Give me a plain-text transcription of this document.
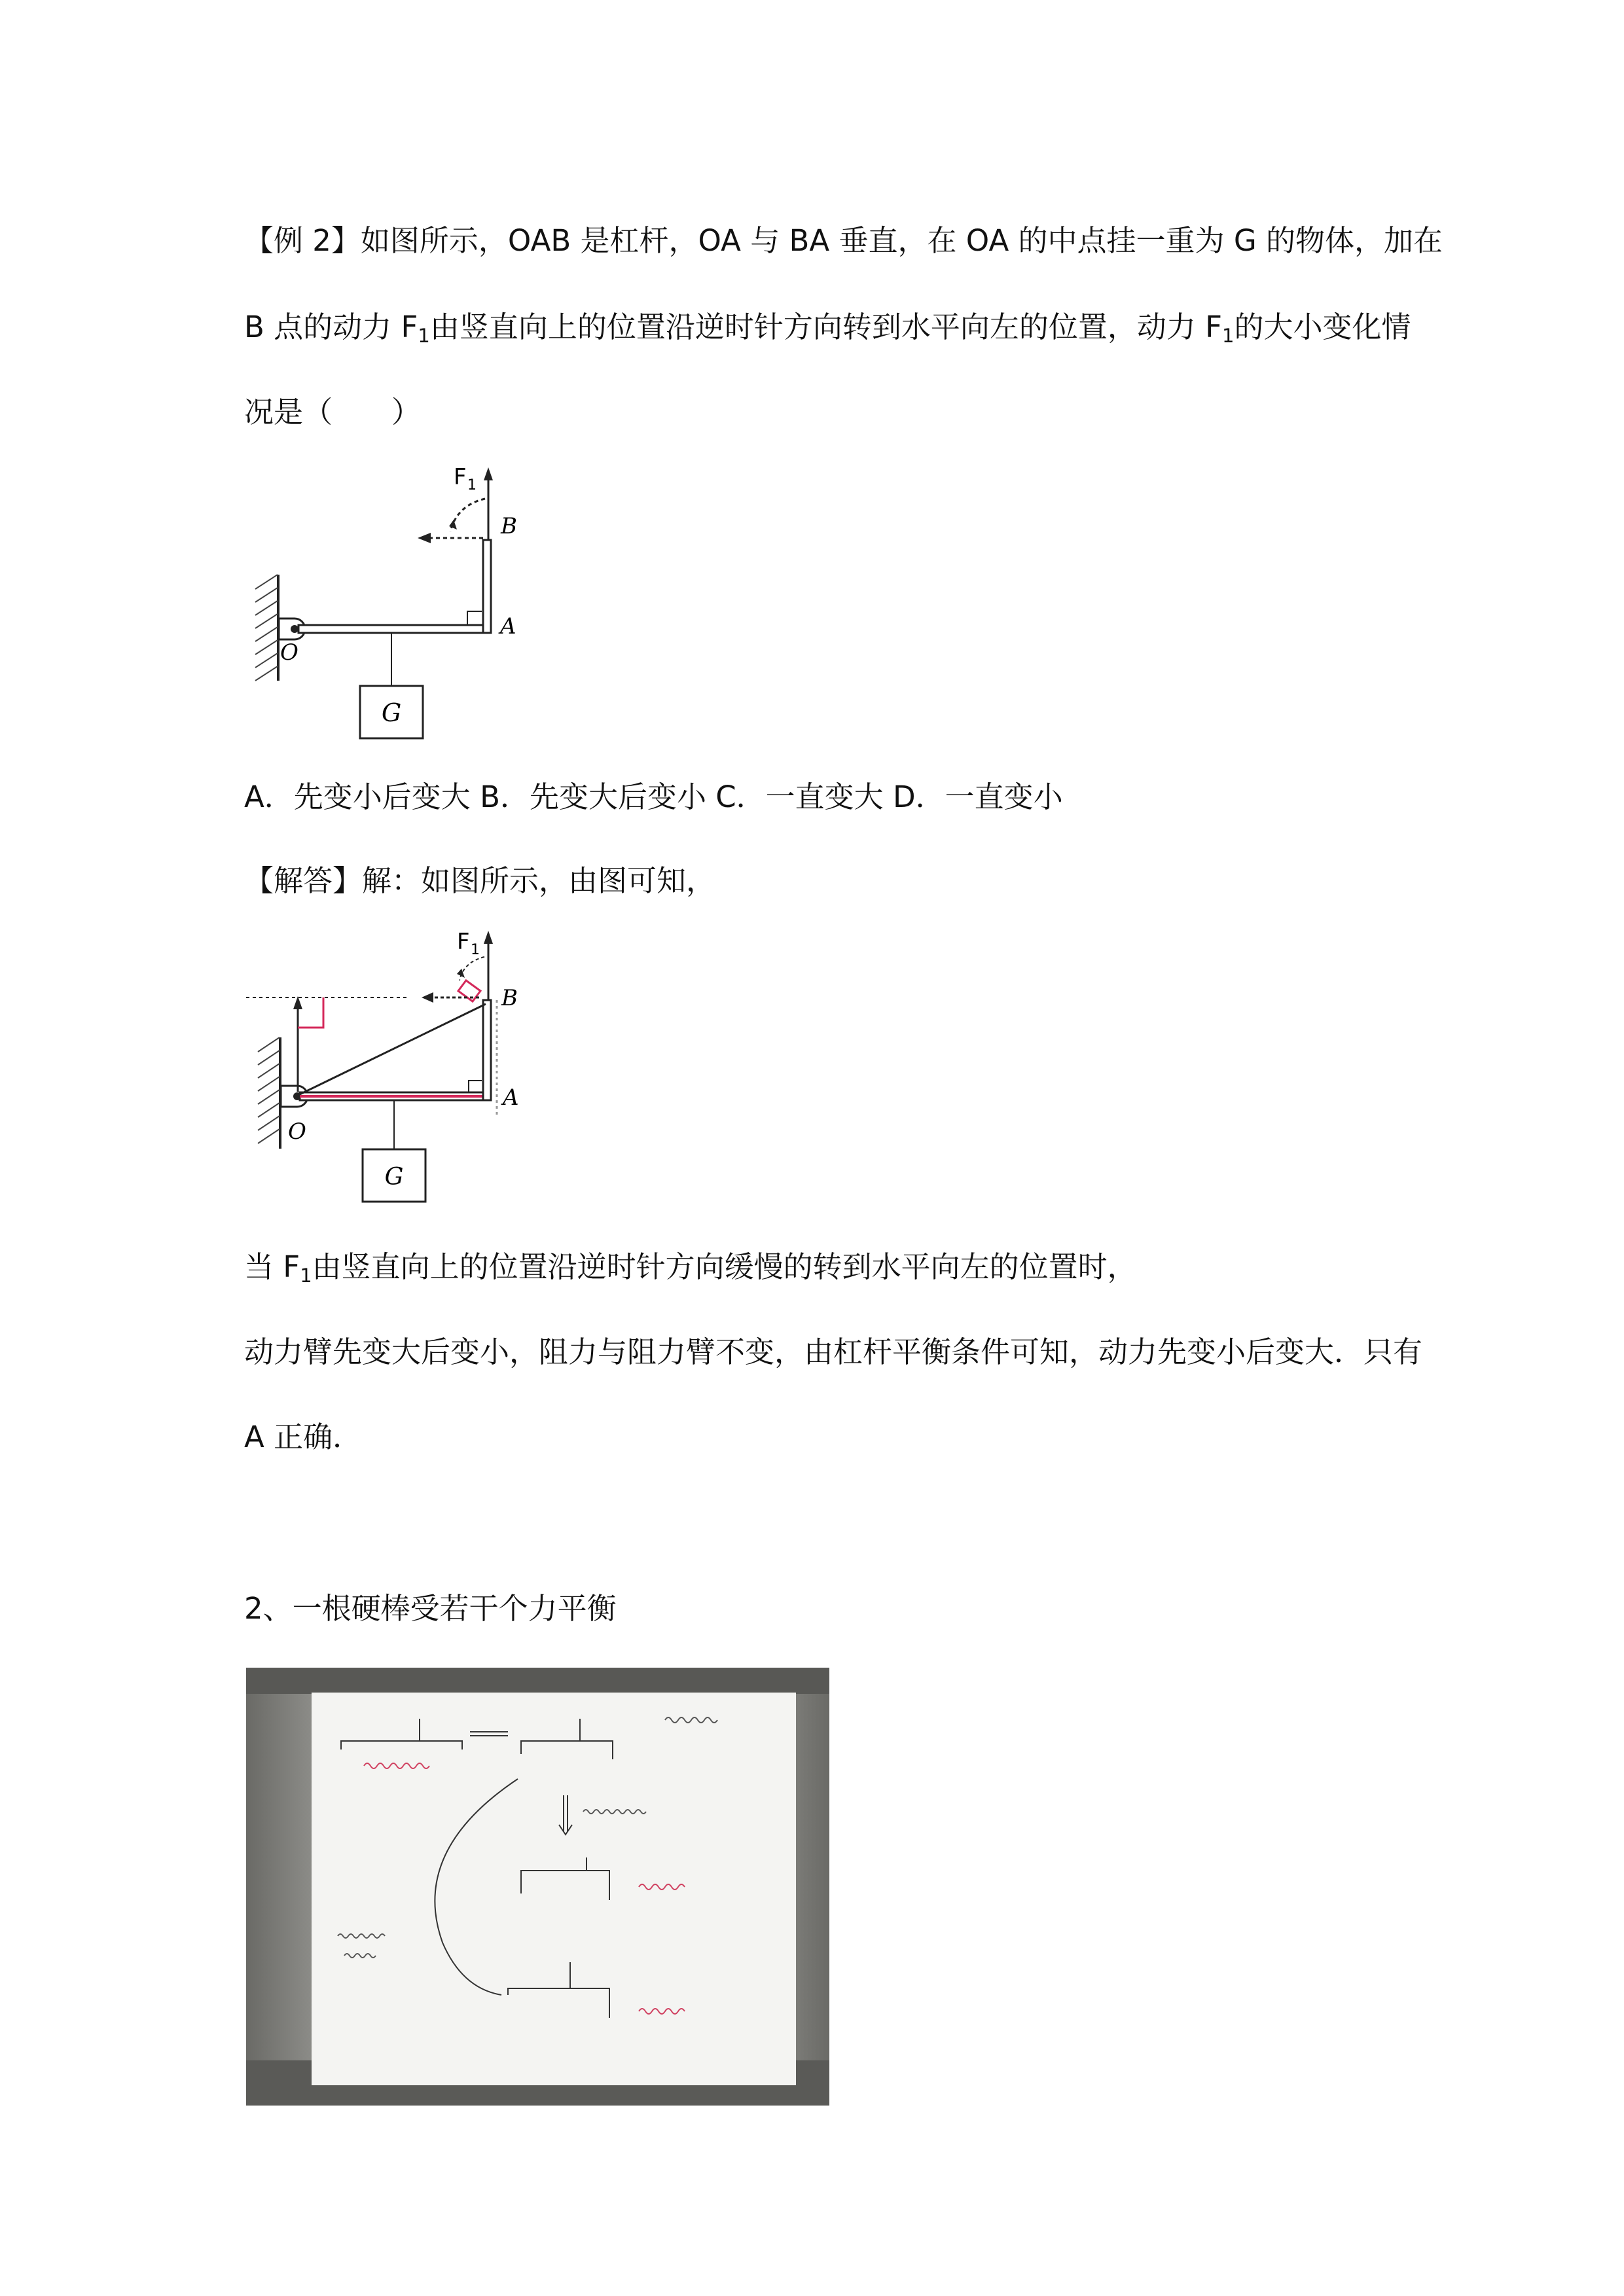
【例 2】如图所示，OAB 是杠杆，OA 与 BA 垂直，在 OA 的中点挂一重为 G 的物体，加在
B 点的动力 $F_1$由竖直向上的位置沿逆时针方向转到水平向左的位置，动力 $F_1$的大小变化情
况是（　　）
G
F 1
B
A
O
A．先变小后变大 B．先变大后变小 C．一直变大 D．一直变小
【解答】解：如图所示，由图可知，
G
F 1
B
A
O
当 $F_1$由竖直向上的位置沿逆时针方向缓慢的转到水平向左的位置时，
动力臂先变大后变小，阻力与阻力臂不变，由杠杆平衡条件可知，动力先变小后变大．只有
A 正确．
2、一根硬棒受若干个力平衡
